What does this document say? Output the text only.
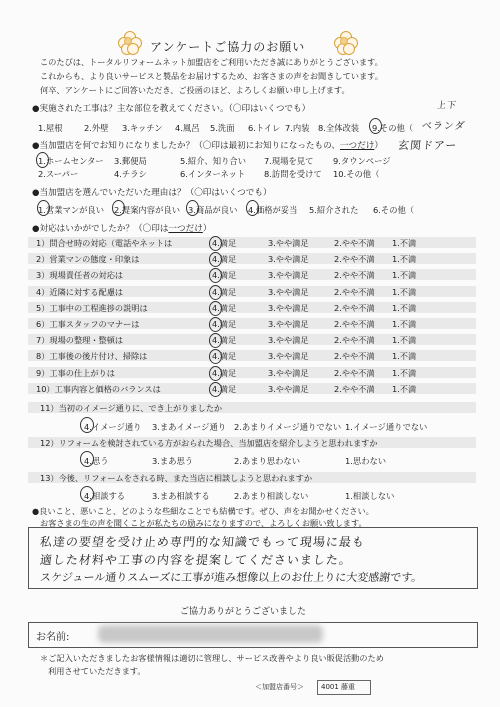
アンケートご協力のお願い
このたびは、トータルリフォームネット加盟店をご利用いただき誠にありがとうございます。
これからも、より良いサービスと製品をお届けするため、お客さまの声をお聞きしています。
何卒、アンケートにご回答いただき、ご投函のほど、よろしくお願い申し上げます。
●実施された工事は？主な部位を教えてください。（〇印はいくつでも）	上下
1.屋根	2.外壁 3.キッチン 4.風呂 5.洗面 6.トイレ 7.内装 8.全体改装 9.その他（ ベランダ
玄関ドアー
●当加盟店を何でお知りになりましたか？（〇印は最初にお知りになったもの、一つだけ）
1.ホームセンター 3.郵便局	5.紹介、知り合い 7.現場を見て 9.タウンページ
2.スーパー	4.チラシ	6.インターネット 8.訪問を受けて 10.その他（
●当加盟店を選んでいただいた理由は？（〇印はいくつでも）
1.営業マンが良い 2.提案内容が良い 3.商品が良い 4.価格が妥当 5.紹介された 6.その他（
●対応はいかがでしたか？（〇印は一つだけ）
11）当初のイメージ通りに、でき上がりましたか
4.イメージ通り 3.まあイメージ通り 2.あまりイメージ通りでない 1.イメージ通りでない
12）リフォームを検討されている方がおられた場合、当加盟店を紹介しようと思われますか
4.思う	3.まあ思う	2.あまり思わない	1.思わない
13）今後、リフォームをされる時、また当店に相談しようと思われますか
4.相談する	3.まあ相談する	2.あまり相談しない	1.相談しない
●良いこと、悪いこと、どのような些細なことでも結構です。ぜひ、声をお聞かせください。
お客さまの生の声を聞くことが私たちの励みになりますので、よろしくお願い致します。
私達の要望を受け止め専門的な知識でもって現場に最も
適した材料や工事の内容を提案してくださいました。
スケジュール通りスムーズに工事が進み想像以上のお仕上りに大変感謝です。
ご協力ありがとうございました
お名前:
＊ご記入いただきましたお客様情報は適切に管理し、サービス改善やより良い販促活動のため
利用させていただきます。
＜加盟店番号＞ 4001 藤重
1）問合せ時の対応（電話やネットは	4.満足	3.やや満足	2.やや不満 1.不満
2）営業マンの態度・印象は	4.満足	3.やや満足	2.やや不満 1.不満
3）現場責任者の対応は	4.満足	3.やや満足	2.やや不満 1.不満
4）近隣に対する配慮は	4.満足	3.やや満足	2.やや不満 1.不満
5）工事中の工程進捗の説明は	4.満足	3.やや満足	2.やや不満 1.不満
6）工事スタッフのマナーは	4.満足	3.やや満足	2.やや不満 1.不満
7）現場の整理・整頓は	4.満足	3.やや満足	2.やや不満 1.不満
8）工事後の後片付け、掃除は	4.満足	3.やや満足	2.やや不満 1.不満
9）工事の仕上がりは	4.満足	3.やや満足	2.やや不満 1.不満
10）工事内容と価格のバランスは	4.満足	3.やや満足	2.やや不満 1.不満
